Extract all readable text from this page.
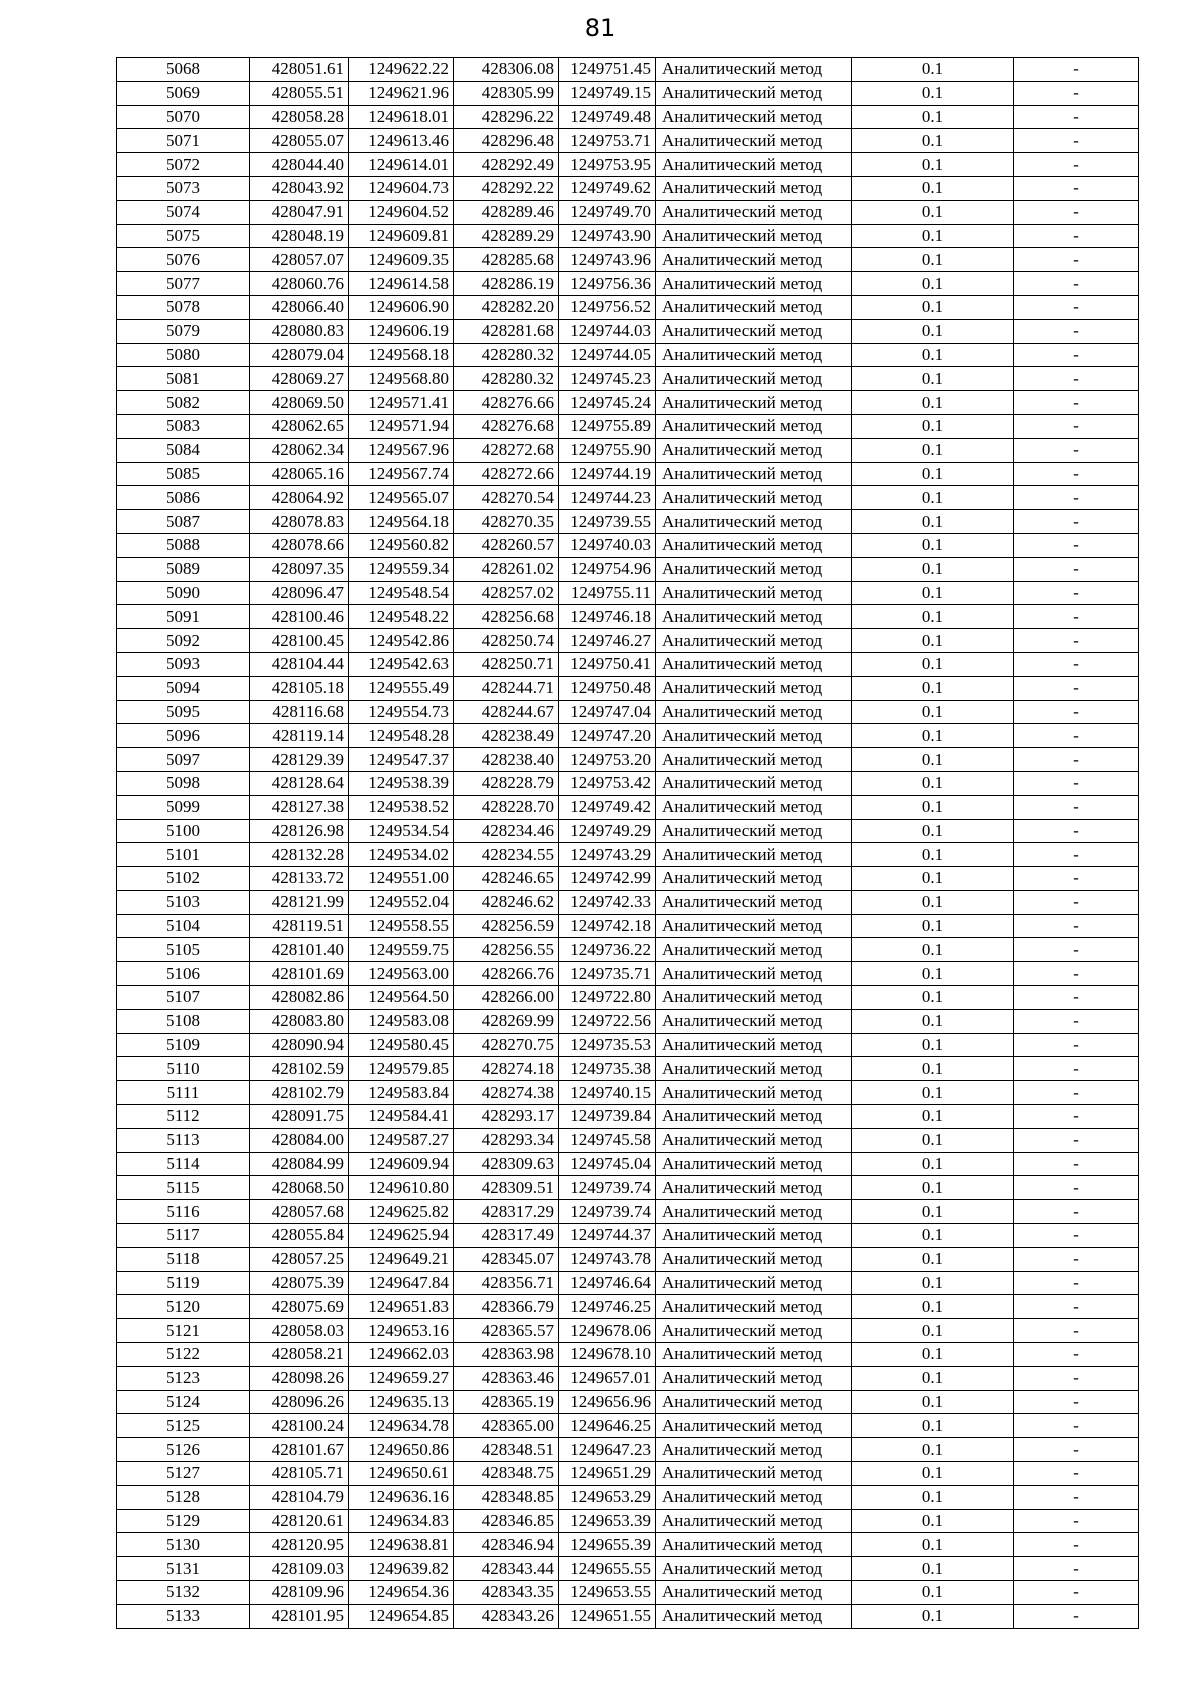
81
5068	428051.61	1249622.22	428306.08	1249751.45	Аналитический метод	0.1	-
5069	428055.51	1249621.96	428305.99	1249749.15	Аналитический метод	0.1	-
5070	428058.28	1249618.01	428296.22	1249749.48	Аналитический метод	0.1	-
5071	428055.07	1249613.46	428296.48	1249753.71	Аналитический метод	0.1	-
5072	428044.40	1249614.01	428292.49	1249753.95	Аналитический метод	0.1	-
5073	428043.92	1249604.73	428292.22	1249749.62	Аналитический метод	0.1	-
5074	428047.91	1249604.52	428289.46	1249749.70	Аналитический метод	0.1	-
5075	428048.19	1249609.81	428289.29	1249743.90	Аналитический метод	0.1	-
5076	428057.07	1249609.35	428285.68	1249743.96	Аналитический метод	0.1	-
5077	428060.76	1249614.58	428286.19	1249756.36	Аналитический метод	0.1	-
5078	428066.40	1249606.90	428282.20	1249756.52	Аналитический метод	0.1	-
5079	428080.83	1249606.19	428281.68	1249744.03	Аналитический метод	0.1	-
5080	428079.04	1249568.18	428280.32	1249744.05	Аналитический метод	0.1	-
5081	428069.27	1249568.80	428280.32	1249745.23	Аналитический метод	0.1	-
5082	428069.50	1249571.41	428276.66	1249745.24	Аналитический метод	0.1	-
5083	428062.65	1249571.94	428276.68	1249755.89	Аналитический метод	0.1	-
5084	428062.34	1249567.96	428272.68	1249755.90	Аналитический метод	0.1	-
5085	428065.16	1249567.74	428272.66	1249744.19	Аналитический метод	0.1	-
5086	428064.92	1249565.07	428270.54	1249744.23	Аналитический метод	0.1	-
5087	428078.83	1249564.18	428270.35	1249739.55	Аналитический метод	0.1	-
5088	428078.66	1249560.82	428260.57	1249740.03	Аналитический метод	0.1	-
5089	428097.35	1249559.34	428261.02	1249754.96	Аналитический метод	0.1	-
5090	428096.47	1249548.54	428257.02	1249755.11	Аналитический метод	0.1	-
5091	428100.46	1249548.22	428256.68	1249746.18	Аналитический метод	0.1	-
5092	428100.45	1249542.86	428250.74	1249746.27	Аналитический метод	0.1	-
5093	428104.44	1249542.63	428250.71	1249750.41	Аналитический метод	0.1	-
5094	428105.18	1249555.49	428244.71	1249750.48	Аналитический метод	0.1	-
5095	428116.68	1249554.73	428244.67	1249747.04	Аналитический метод	0.1	-
5096	428119.14	1249548.28	428238.49	1249747.20	Аналитический метод	0.1	-
5097	428129.39	1249547.37	428238.40	1249753.20	Аналитический метод	0.1	-
5098	428128.64	1249538.39	428228.79	1249753.42	Аналитический метод	0.1	-
5099	428127.38	1249538.52	428228.70	1249749.42	Аналитический метод	0.1	-
5100	428126.98	1249534.54	428234.46	1249749.29	Аналитический метод	0.1	-
5101	428132.28	1249534.02	428234.55	1249743.29	Аналитический метод	0.1	-
5102	428133.72	1249551.00	428246.65	1249742.99	Аналитический метод	0.1	-
5103	428121.99	1249552.04	428246.62	1249742.33	Аналитический метод	0.1	-
5104	428119.51	1249558.55	428256.59	1249742.18	Аналитический метод	0.1	-
5105	428101.40	1249559.75	428256.55	1249736.22	Аналитический метод	0.1	-
5106	428101.69	1249563.00	428266.76	1249735.71	Аналитический метод	0.1	-
5107	428082.86	1249564.50	428266.00	1249722.80	Аналитический метод	0.1	-
5108	428083.80	1249583.08	428269.99	1249722.56	Аналитический метод	0.1	-
5109	428090.94	1249580.45	428270.75	1249735.53	Аналитический метод	0.1	-
5110	428102.59	1249579.85	428274.18	1249735.38	Аналитический метод	0.1	-
5111	428102.79	1249583.84	428274.38	1249740.15	Аналитический метод	0.1	-
5112	428091.75	1249584.41	428293.17	1249739.84	Аналитический метод	0.1	-
5113	428084.00	1249587.27	428293.34	1249745.58	Аналитический метод	0.1	-
5114	428084.99	1249609.94	428309.63	1249745.04	Аналитический метод	0.1	-
5115	428068.50	1249610.80	428309.51	1249739.74	Аналитический метод	0.1	-
5116	428057.68	1249625.82	428317.29	1249739.74	Аналитический метод	0.1	-
5117	428055.84	1249625.94	428317.49	1249744.37	Аналитический метод	0.1	-
5118	428057.25	1249649.21	428345.07	1249743.78	Аналитический метод	0.1	-
5119	428075.39	1249647.84	428356.71	1249746.64	Аналитический метод	0.1	-
5120	428075.69	1249651.83	428366.79	1249746.25	Аналитический метод	0.1	-
5121	428058.03	1249653.16	428365.57	1249678.06	Аналитический метод	0.1	-
5122	428058.21	1249662.03	428363.98	1249678.10	Аналитический метод	0.1	-
5123	428098.26	1249659.27	428363.46	1249657.01	Аналитический метод	0.1	-
5124	428096.26	1249635.13	428365.19	1249656.96	Аналитический метод	0.1	-
5125	428100.24	1249634.78	428365.00	1249646.25	Аналитический метод	0.1	-
5126	428101.67	1249650.86	428348.51	1249647.23	Аналитический метод	0.1	-
5127	428105.71	1249650.61	428348.75	1249651.29	Аналитический метод	0.1	-
5128	428104.79	1249636.16	428348.85	1249653.29	Аналитический метод	0.1	-
5129	428120.61	1249634.83	428346.85	1249653.39	Аналитический метод	0.1	-
5130	428120.95	1249638.81	428346.94	1249655.39	Аналитический метод	0.1	-
5131	428109.03	1249639.82	428343.44	1249655.55	Аналитический метод	0.1	-
5132	428109.96	1249654.36	428343.35	1249653.55	Аналитический метод	0.1	-
5133	428101.95	1249654.85	428343.26	1249651.55	Аналитический метод	0.1	-
